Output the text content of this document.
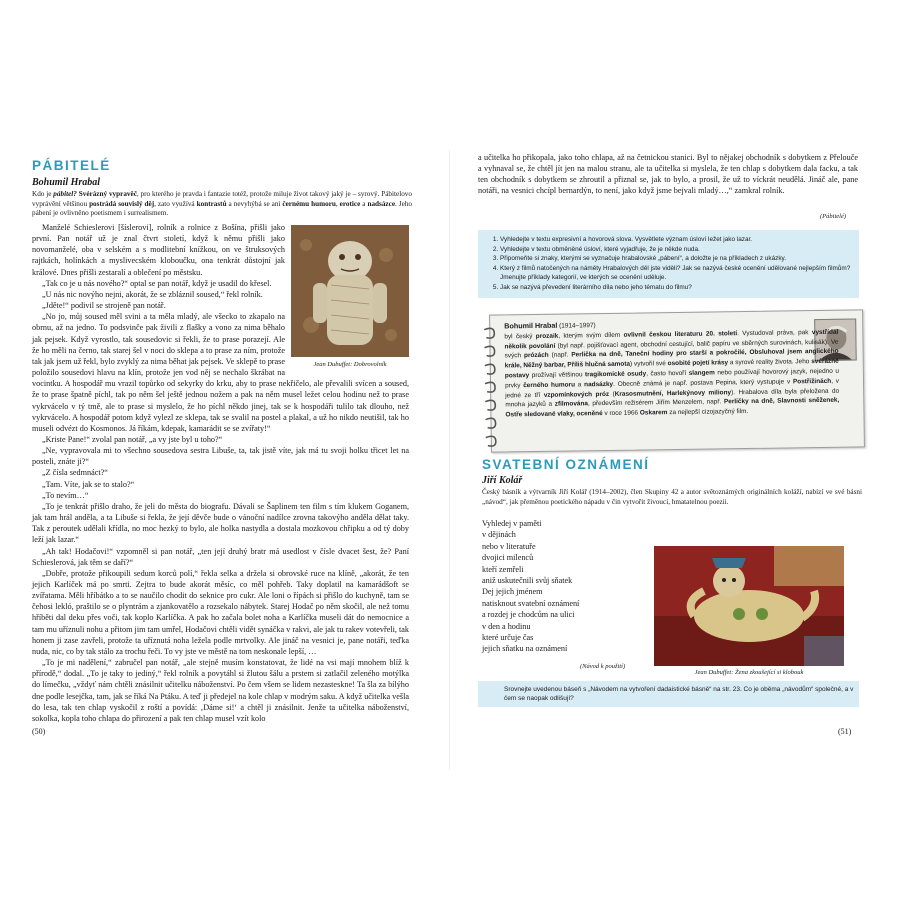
PÁBITELÉ
Bohumil Hrabal
Kdo je pábitel? Svérázný vypravěč, pro kterého je pravda i fantazie totéž, protože miluje život takový jaký je – syrový. Pábitelovo vyprávění většinou postrádá souvislý děj, zato využívá kontrastů a nevyhýbá se ani černému humoru, erotice a nadsázce. Jeho pábení je ovlivněno poetismem i surrealismem.
Jean Dubuffet: Dobrovolník

Manželé Schieslerovi [šíslerovi], rolník a rolnice z Bošína, přišli jako první. Pan notář už je znal čtvrt století, když k němu přišli jako novomanželé, oba v selském a s modlitební knížkou, on ve štruksových rajtkách, holínkách a myslivecském kloboučku, ona tenkrát důstojní jak králové. Dnes přišli zestaralí a oblečení po městsku.

„Tak co je u nás nového?“ optal se pan notář, když je usadil do křesel.

„U nás nic novýho nejni, akorát, že se zbláznil soused,“ řekl rolník.

„Jděte!“ podivil se strojeně pan notář.

„No jo, můj soused měl svini a ta měla mladý, ale všecko to zkapalo na obrnu, až na jedno. To podsvinče pak živili z flašky a vono za nima běhalo jak pejsek. Když vyrostlo, tak sousedovic si řekli, že to prase porazejí. Ale že ho měli na černo, tak starej šel v noci do sklepa a to prase za ním, protože tak jak jsem už řekl, bylo zvyklý za nima běhat jak pejsek. Ve sklepě to prase položilo sousedovi hlavu na klín, protože jen vod něj se nechalo škrábat na vocintku. A hospodář mu vrazil topůrko od sekyrky do krku, aby to prase nekřičelo, ale převalili svícen a soused, že to prase špatně píchl, tak po něm šel ještě jednou nožem a pak na něm musel ležet celou hodinu než to prase vykrvácelo v tý tmě, ale to prase si myslelo, že ho píchl někdo jinej, tak se k hospodáři tulilo tak dlouho, než vykrvácelo. A hospodář potom když vylezl ze sklepa, tak se svalil na postel a plakal, a už ho nikdo neutišil, tak ho museli odvézt do Kosmonos. Já říkám, kdepak, kamarádit se se zvířaty!“

„Kriste Pane!“ zvolal pan notář, „a vy jste byl u toho?“

„Ne, vypravovala mi to všechno sousedova sestra Libuše, ta, tak jistě víte, jak má tu svoji holku třicet let na posteli, znáte ji?“

„Z čísla sedmnáct?“

„Tam. Víte, jak se to stalo?“

„To nevím…“

„To je tenkrát přišlo draho, že jeli do města do biografu. Dávali se Šaplinem ten film s tím klukem Goganem, jak tam hrál anděla, a ta Libuše si řekla, že její děvče bude o vánoční nadílce zrovna takovýho anděla dělat taky. Tak z peroutek udělali křídla, no moc hezký to bylo, ale holka nastydla a dostala mozkovou chřipku a od tý doby leží jak lazar.“

„Ah tak! Hodačovi!“ vzpomněl si pan notář, „ten její druhý bratr má usedlost v čísle dvacet šest, že? Paní Schieslerová, jak těm se daří?“

„Dobře, protože přikoupili sedum korců polí,“ řekla selka a držela si obrovské ruce na klíně, „akorát, že ten jejich Karlíček má po smrti. Zejtra to bude akorát měsíc, co měl pohřeb. Taky doplatil na kamarádšoft se zvířatama. Měli hříbátko a to se naučilo chodit do seknice pro cukr. Ale loni o řípách si přišlo do kuchyně, tam se čehosi lekló, praštilo se o plyntrám a zjankovatělo a rozsekalo nábytek. Starej Hodač po něm skočil, ale než tomu hříběti dal deku přes voči, tak koplo Karlíčka. A pak ho začala bolet noha a Karlíčka museli dát do nemocnice a tam mu uříznuli nohu a přitom jim tam umřel, Hodačovi chtěli vidět synáčka v rakvi, ale jak tu rakev votevřeli, tak honem ji zase zavřeli, protože ta uříznutá noha ležela podle mrtvolky. Ale jináč na vesnici je, pane notáři, teďka nuda, nic, co by tak stálo za trochu řeči. To vy jste ve městě na tom neskonale lepší, …

„To je mi nadělení,“ zabručel pan notář, „ale stejně musím konstatovat, že lidé na vsi mají mnohem blíž k přírodě,“ dodal. „To je taky to jediný,“ řekl rolník a povytáhl si žlutou šálu a prstem si zatlačil zeleného motýlka do límečku, „vždyť nám chtěli znásilnit učitelku náboženství. Po čem všem se lidem nezastesknе! Ta šla za bílýho dne podle lesejčka, tam, jak se říká Na Ptáku. A teď ji předejel na kole chlap v modrým saku. A když učitelka vešla do lesa, tak ten chlap vyskočil z roští a povídá: ‚Dáme si!‘ a chtěl ji znásilnit. Jenže ta učitelka náboženství, sokolka, kopla toho chlapa do přirození a pak ten chlap musel vzít kolo

(50)
a učitelka ho přikopala, jako toho chlapa, až na četnickou stanici. Byl to nějakej obchodník s dobytkem z Přelouče a vyhnaval se, že chtěl jít jen na malou stranu, ale ta učitelka si myslela, že ten chlap s dobytkem dala facku, a tak ten obchodník s dobytkem se zhroutil a přiznal se, jak to bylo, a prosil, že už to víckrát neudělá. Jináč ale, pane notáři, na vesnici chcípl bernardýn, to není, jako když jsme bejvali mladý…,“ zamkral rolník.
(Pábitelé)
1. Vyhledejte v textu expresivní a hovorová slova. Vysvětlete význam úsloví ležet jako lazar.
2. Vyhledejte v textu obměněné úsloví, které vyjadřuje, že je někde nuda.
3. Připomeňte si znaky, kterými se vyznačuje hrabalovské „pábení“, a doložte je na příkladech z ukázky.
4. Který z filmů natočených na náměty Hrabalových děl jste viděli? Jak se nazývá české ocenění udělované nejlepším filmům? Jmenujte příklady kategorií, ve kterých se ocenění uděluje.
5. Jak se nazývá převedení literárního díla nebo jeho tématu do filmu?
Bohumil Hrabal (1914–1997)
byl český prozaik, kterým svým dílem ovlivnil českou literaturu 20. století. Vystudoval práva, pak vystřídal několik povolání (byl např. pojišťovací agent, obchodní cestující, balič papíru ve sběrných surovinách, kulisák). Ve svých prózách (např. Perlička na dně, Taneční hodiny pro starší a pokročilé, Obsluhoval jsem anglického krále, Něžný barbar, Příliš hlučná samota) vytvořil své osobité pojetí krásy a syrové reality života. Jeho svérázné postavy prožívají většinou tragikomické osudy, často hovoří slangem nebo používají hovorový jazyk, nejedno u prvky černého humoru a nadsázky. Obecně známá je např. postava Pepina, který vystupuje v Postřižinách, v jedné ze tří vzpomínkových próz (Krasosmutnění, Harlekýnovy miliony). Hrabalova díla byla přeložena do mnoha jazyků a zfilmována, především režisérem Jiřím Menzelem, např. Perličky na dně, Slavnosti sněženek, Ostře sledované vlaky, oceněné v roce 1966 Oskarem za nejlepší cizojazyčný film.
SVATEBNÍ OZNÁMENÍ
Jiří Kolář
Český básník a výtvarník Jiří Kolář (1914–2002), člen Skupiny 42 a autor světoznámých originálních koláží, nabízí ve své básni „návod“, jak přeměnou poetického nápadu v čin vytvořit živoucí, hmatatelnou poezii.
Vyhledej v paměti
v dějinách
nebo v literatuře
dvojici milenců
kteří zemřeli
aniž uskutečnili svůj sňatek
Dej jejich jménem
natisknout svatební oznámení
a rozdej je chodcům na ulici
v den a hodinu
které určuje čas
jejich sňatku na oznámení
(Návod k použití)
Jean Dubuffet: Žena zkoušející si klobouk
Srovnejte uvedenou báseň s „Návodem na vytvoření dadaistické básně“ na str. 23. Co je oběma „návodům“ společné, a v čem se naopak odlišují?
(51)
